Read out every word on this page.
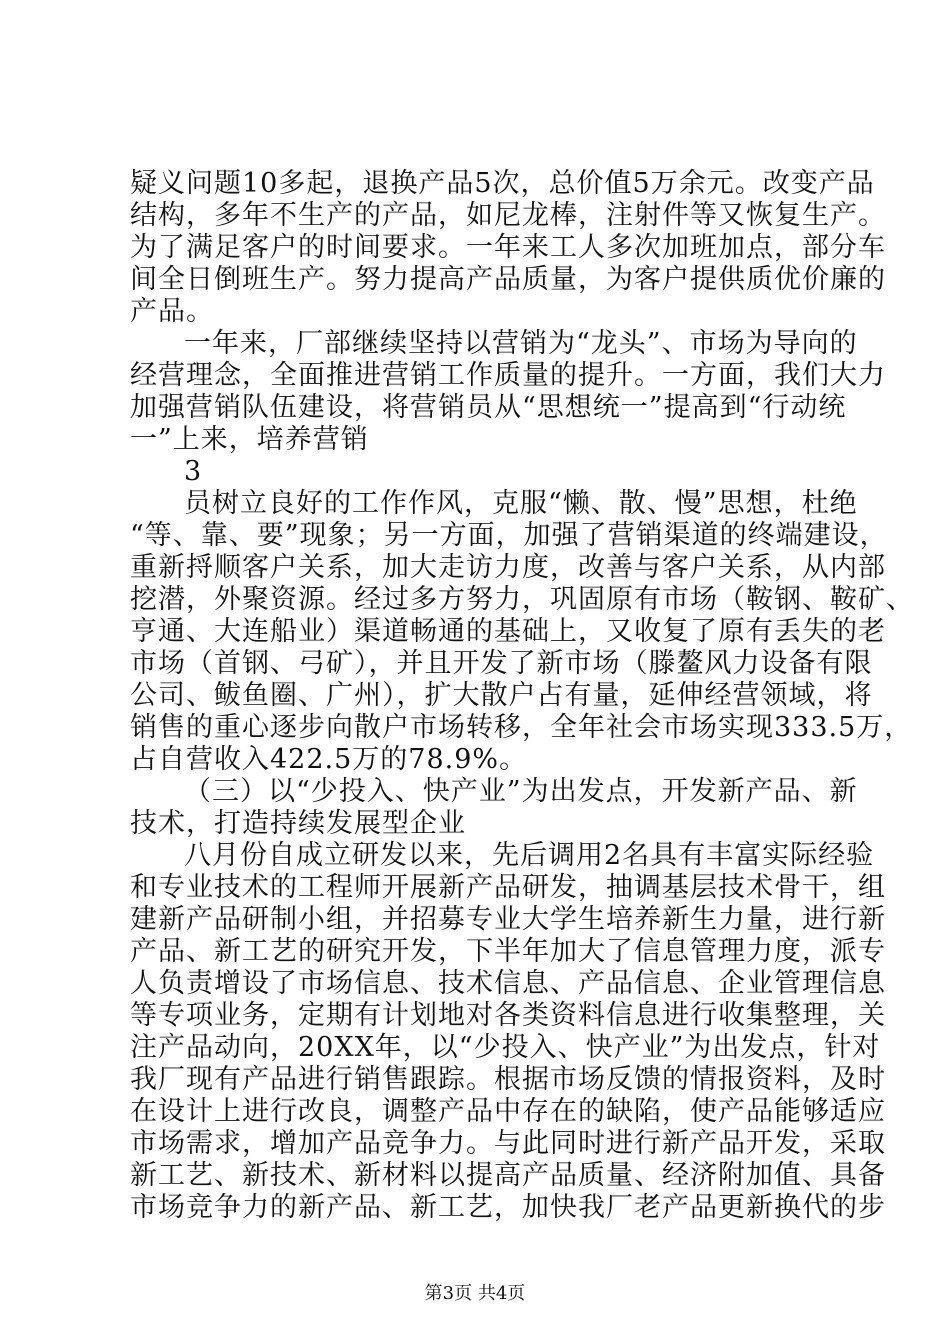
疑义问题10多起，退换产品5次，总价值5万余元。改变产品
结构，多年不生产的产品，如尼龙棒，注射件等又恢复生产。
为了满足客户的时间要求。一年来工人多次加班加点，部分车
间全日倒班生产。努力提高产品质量，为客户提供质优价廉的
产品。
一年来，厂部继续坚持以营销为“龙头”、市场为导向的
经营理念，全面推进营销工作质量的提升。一方面，我们大力
加强营销队伍建设，将营销员从“思想统一”提高到“行动统
一”上来，培养营销
3
员树立良好的工作作风，克服“懒、散、慢”思想，杜绝
“等、靠、要”现象；另一方面，加强了营销渠道的终端建设，
重新捋顺客户关系，加大走访力度，改善与客户关系，从内部
挖潜，外聚资源。经过多方努力，巩固原有市场（鞍钢、鞍矿、
亨通、大连船业）渠道畅通的基础上，又收复了原有丢失的老
市场（首钢、弓矿），并且开发了新市场（滕鳌风力设备有限
公司、鲅鱼圈、广州），扩大散户占有量，延伸经营领域，将
销售的重心逐步向散户市场转移，全年社会市场实现333.5万，
占自营收入422.5万的78.9%。
（三）以“少投入、快产业”为出发点，开发新产品、新
技术，打造持续发展型企业
八月份自成立研发以来，先后调用2名具有丰富实际经验
和专业技术的工程师开展新产品研发，抽调基层技术骨干，组
建新产品研制小组，并招募专业大学生培养新生力量，进行新
产品、新工艺的研究开发，下半年加大了信息管理力度，派专
人负责增设了市场信息、技术信息、产品信息、企业管理信息
等专项业务，定期有计划地对各类资料信息进行收集整理，关
注产品动向，20XX年，以“少投入、快产业”为出发点，针对
我厂现有产品进行销售跟踪。根据市场反馈的情报资料，及时
在设计上进行改良，调整产品中存在的缺陷，使产品能够适应
市场需求，增加产品竞争力。与此同时进行新产品开发，采取
新工艺、新技术、新材料以提高产品质量、经济附加值、具备
市场竞争力的新产品、新工艺，加快我厂老产品更新换代的步
第3页 共4页
